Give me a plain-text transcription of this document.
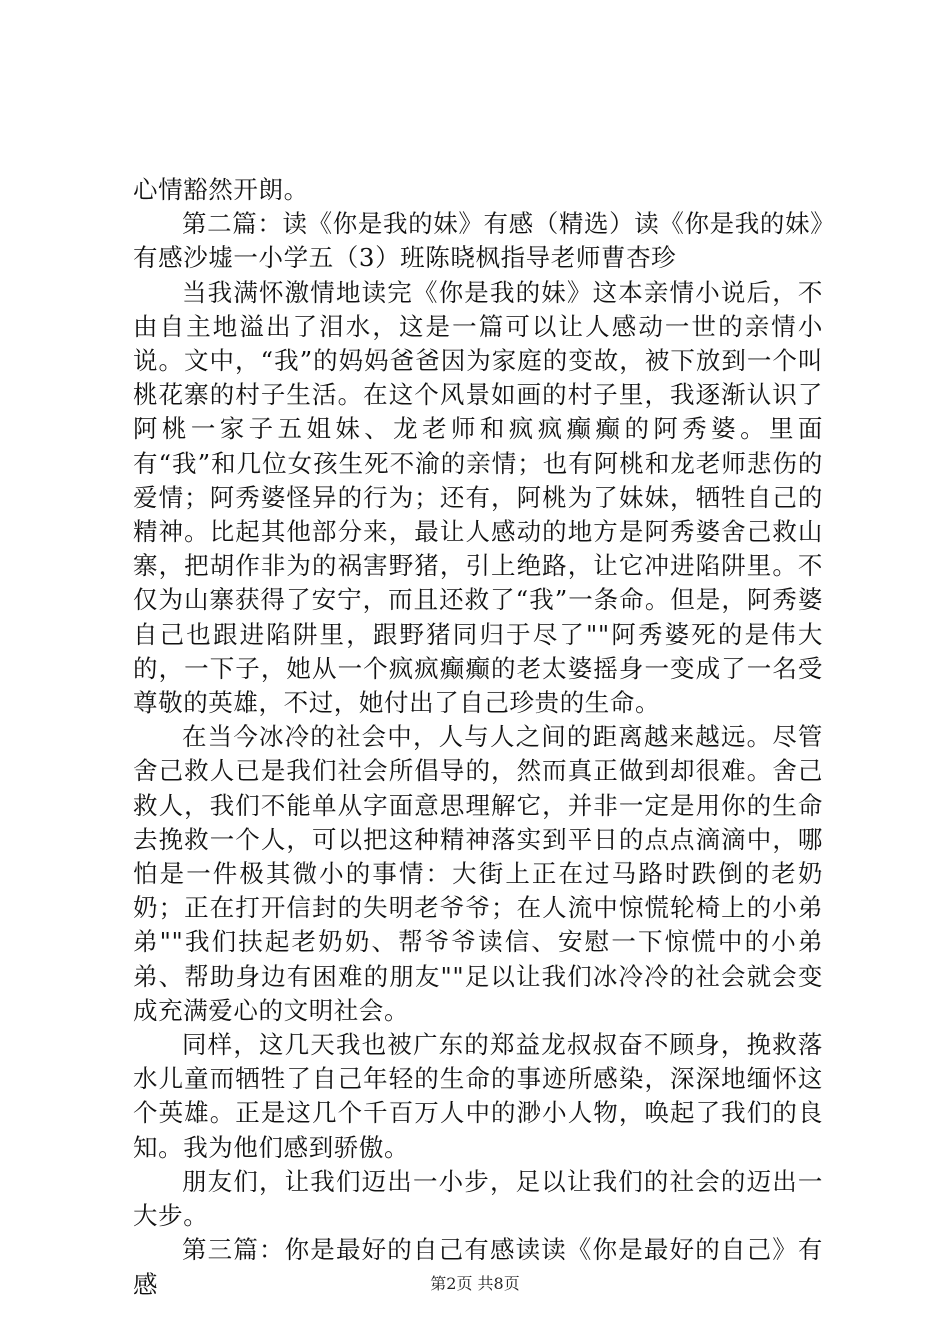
心情豁然开朗。

第二篇：读《你是我的妹》有感（精选）读《你是我的妹》有感沙墟一小学五（3）班陈晓枫指导老师曹杏珍

当我满怀激情地读完《你是我的妹》这本亲情小说后，不由自主地溢出了泪水，这是一篇可以让人感动一世的亲情小说。文中，“我”的妈妈爸爸因为家庭的变故，被下放到一个叫桃花寨的村子生活。在这个风景如画的村子里，我逐渐认识了阿桃一家子五姐妹、龙老师和疯疯癫癫的阿秀婆。里面有“我”和几位女孩生死不渝的亲情；也有阿桃和龙老师悲伤的爱情；阿秀婆怪异的行为；还有，阿桃为了妹妹，牺牲自己的精神。比起其他部分来，最让人感动的地方是阿秀婆舍己救山寨，把胡作非为的祸害野猪，引上绝路，让它冲进陷阱里。不仅为山寨获得了安宁，而且还救了“我”一条命。但是，阿秀婆自己也跟进陷阱里，跟野猪同归于尽了""阿秀婆死的是伟大的，一下子，她从一个疯疯癫癫的老太婆摇身一变成了一名受尊敬的英雄，不过，她付出了自己珍贵的生命。

在当今冰冷的社会中，人与人之间的距离越来越远。尽管舍己救人已是我们社会所倡导的，然而真正做到却很难。舍己救人，我们不能单从字面意思理解它，并非一定是用你的生命去挽救一个人，可以把这种精神落实到平日的点点滴滴中，哪怕是一件极其微小的事情：大街上正在过马路时跌倒的老奶奶；正在打开信封的失明老爷爷；在人流中惊慌轮椅上的小弟弟""我们扶起老奶奶、帮爷爷读信、安慰一下惊慌中的小弟弟、帮助身边有困难的朋友""足以让我们冰冷冷的社会就会变成充满爱心的文明社会。

同样，这几天我也被广东的郑益龙叔叔奋不顾身，挽救落水儿童而牺牲了自己年轻的生命的事迹所感染，深深地缅怀这个英雄。正是这几个千百万人中的渺小人物，唤起了我们的良知。我为他们感到骄傲。

朋友们，让我们迈出一小步，足以让我们的社会的迈出一大步。

第三篇：你是最好的自己有感读读《你是最好的自己》有感	第2页 共8页
